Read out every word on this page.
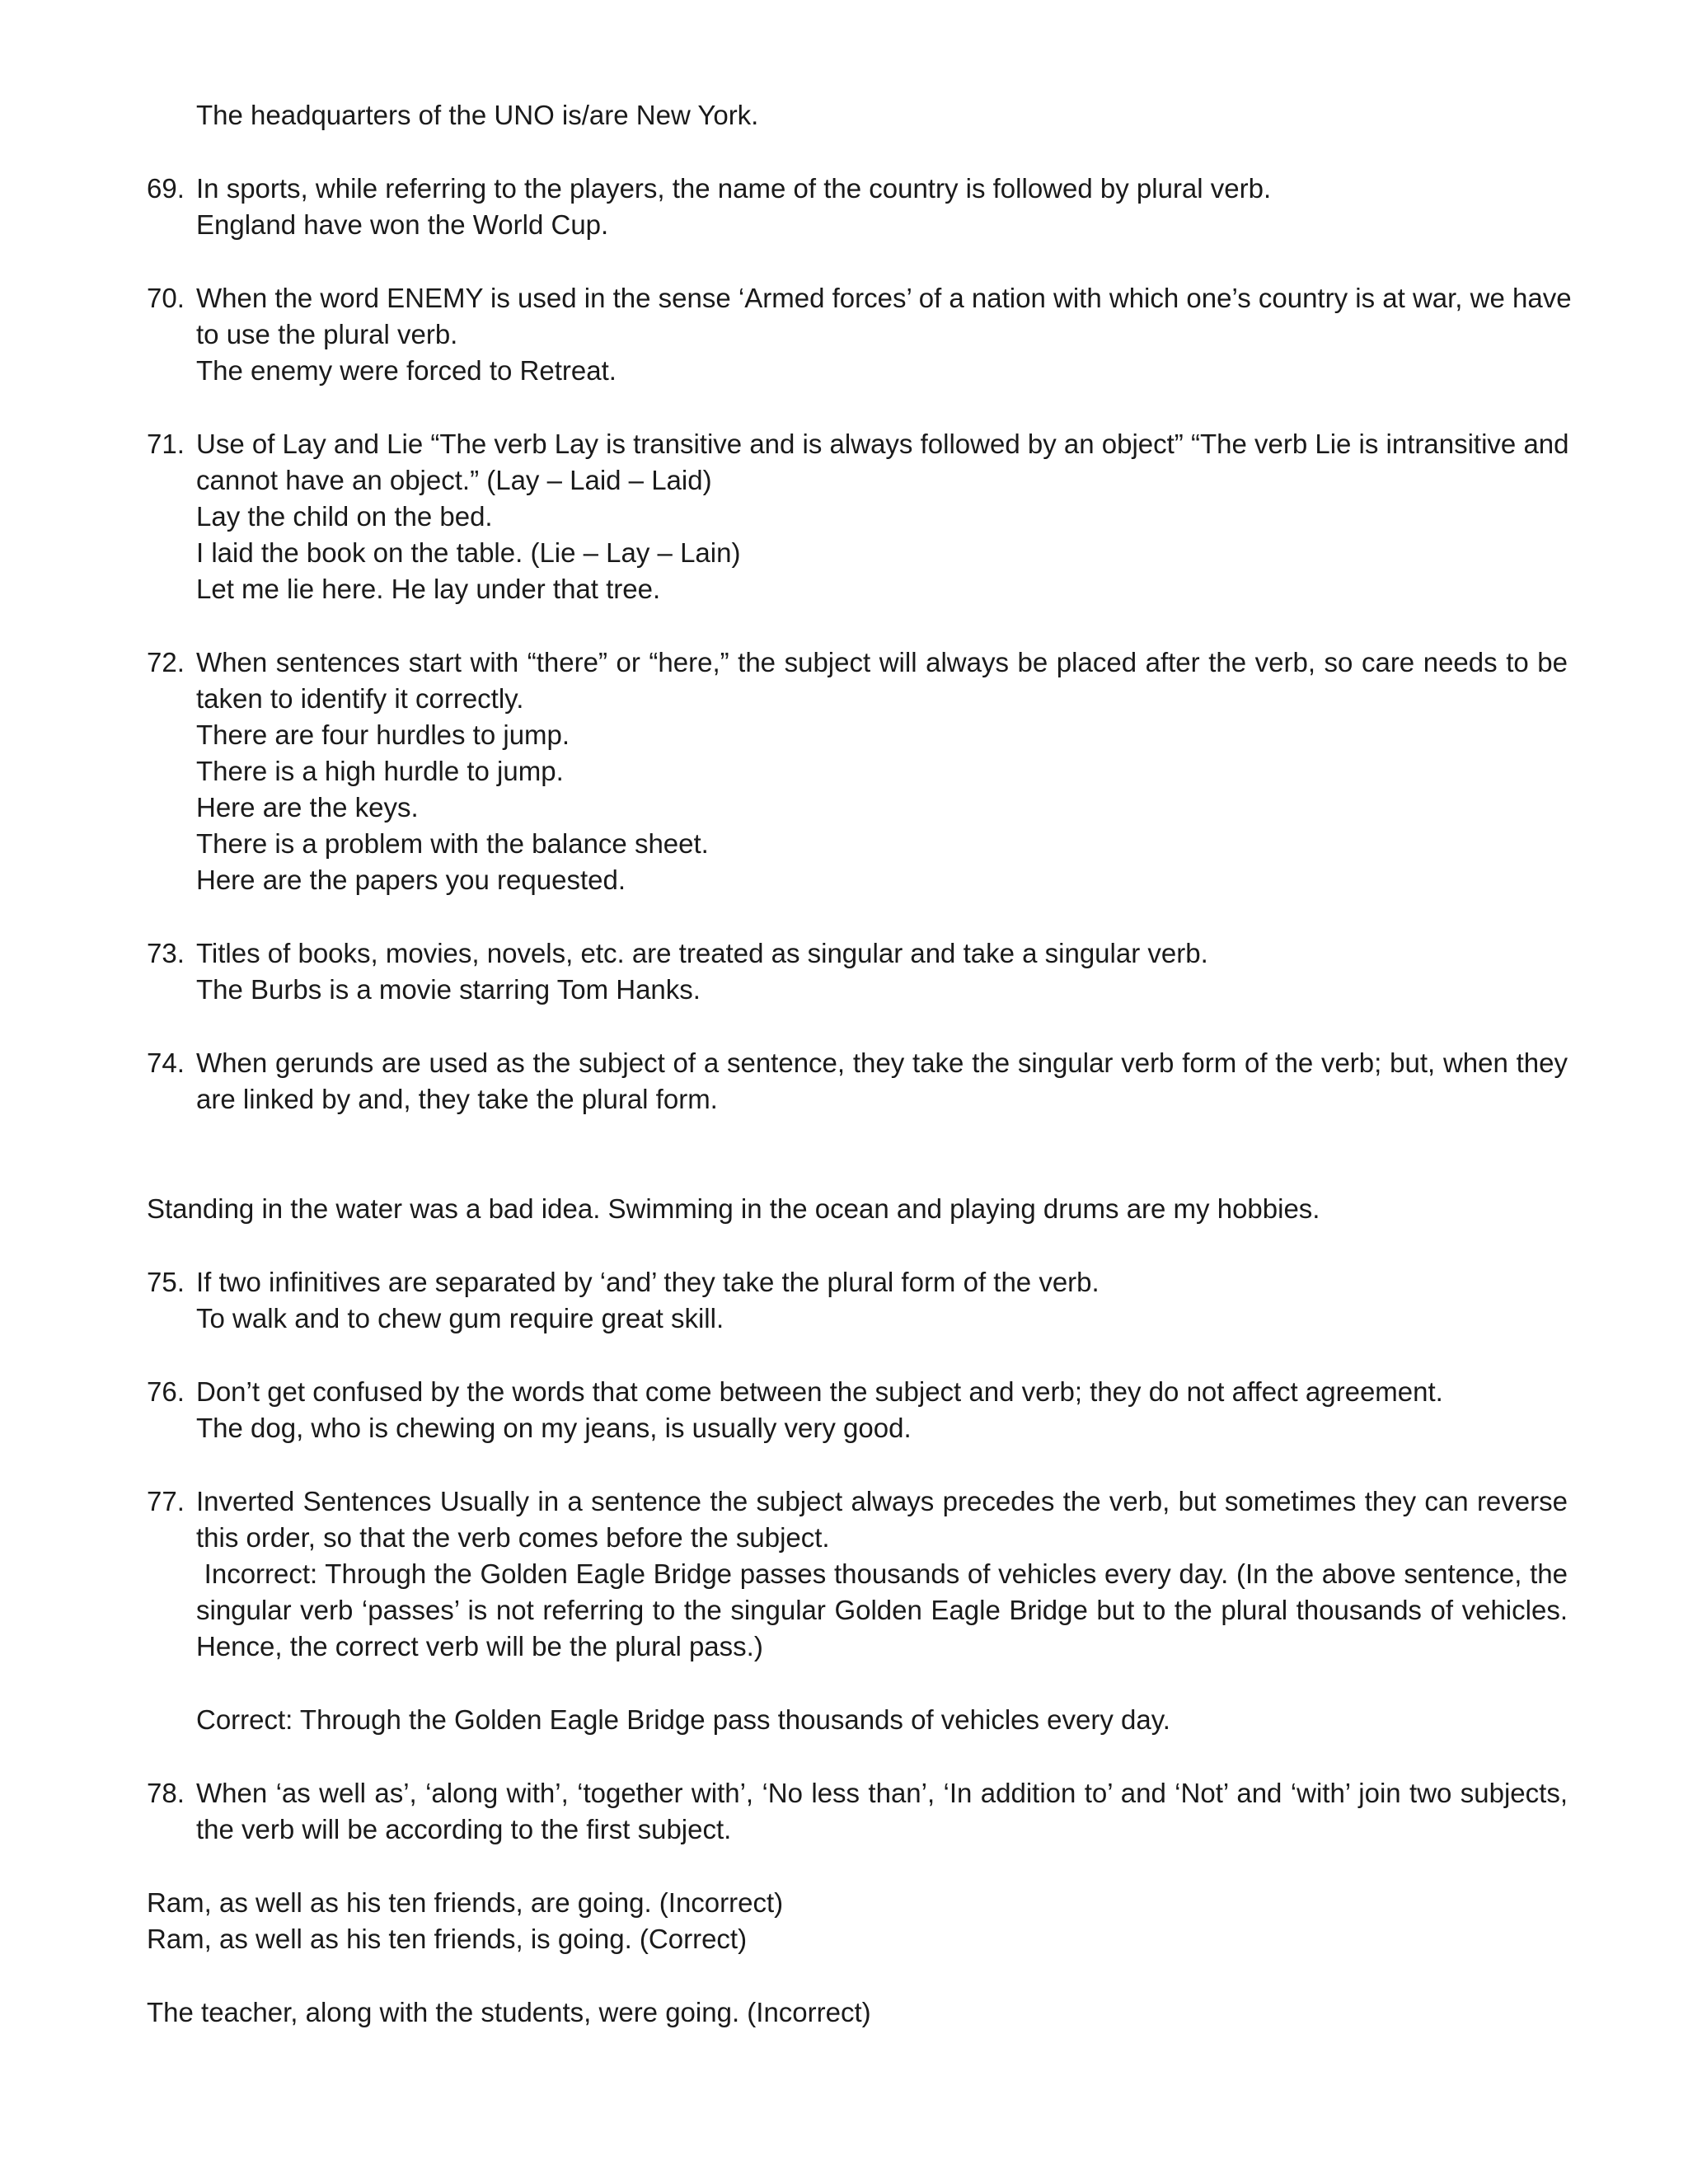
The headquarters of the UNO is/are New York.
69. In sports, while referring to the players, the name of the country is followed by plural verb.
England have won the World Cup.
70. When the word ENEMY is used in the sense ‘Armed forces’ of a nation with which one’s country is at war, we have
to use the plural verb.
The enemy were forced to Retreat.
71. Use of Lay and Lie “The verb Lay is transitive and is always followed by an object” “The verb Lie is intransitive and
cannot have an object.” (Lay – Laid – Laid)
Lay the child on the bed.
I laid the book on the table. (Lie – Lay – Lain)
Let me lie here. He lay under that tree.
72. When sentences start with “there” or “here,” the subject will always be placed after the verb, so care needs to be
taken to identify it correctly.
There are four hurdles to jump.
There is a high hurdle to jump.
Here are the keys.
There is a problem with the balance sheet.
Here are the papers you requested.
73. Titles of books, movies, novels, etc. are treated as singular and take a singular verb.
The Burbs is a movie starring Tom Hanks.
74. When gerunds are used as the subject of a sentence, they take the singular verb form of the verb; but, when they
are linked by and, they take the plural form.
Standing in the water was a bad idea. Swimming in the ocean and playing drums are my hobbies.
75. If two infinitives are separated by ‘and’ they take the plural form of the verb.
To walk and to chew gum require great skill.
76. Don’t get confused by the words that come between the subject and verb; they do not affect agreement.
The dog, who is chewing on my jeans, is usually very good.
77. Inverted Sentences Usually in a sentence the subject always precedes the verb, but sometimes they can reverse
this order, so that the verb comes before the subject.
Incorrect: Through the Golden Eagle Bridge passes thousands of vehicles every day. (In the above sentence, the
singular verb ‘passes’ is not referring to the singular Golden Eagle Bridge but to the plural thousands of vehicles.
Hence, the correct verb will be the plural pass.)
Correct: Through the Golden Eagle Bridge pass thousands of vehicles every day.
78. When ‘as well as’, ‘along with’, ‘together with’, ‘No less than’, ‘In addition to’ and ‘Not’ and ‘with’ join two subjects,
the verb will be according to the first subject.
Ram, as well as his ten friends, are going. (Incorrect)
Ram, as well as his ten friends, is going. (Correct)
The teacher, along with the students, were going. (Incorrect)
